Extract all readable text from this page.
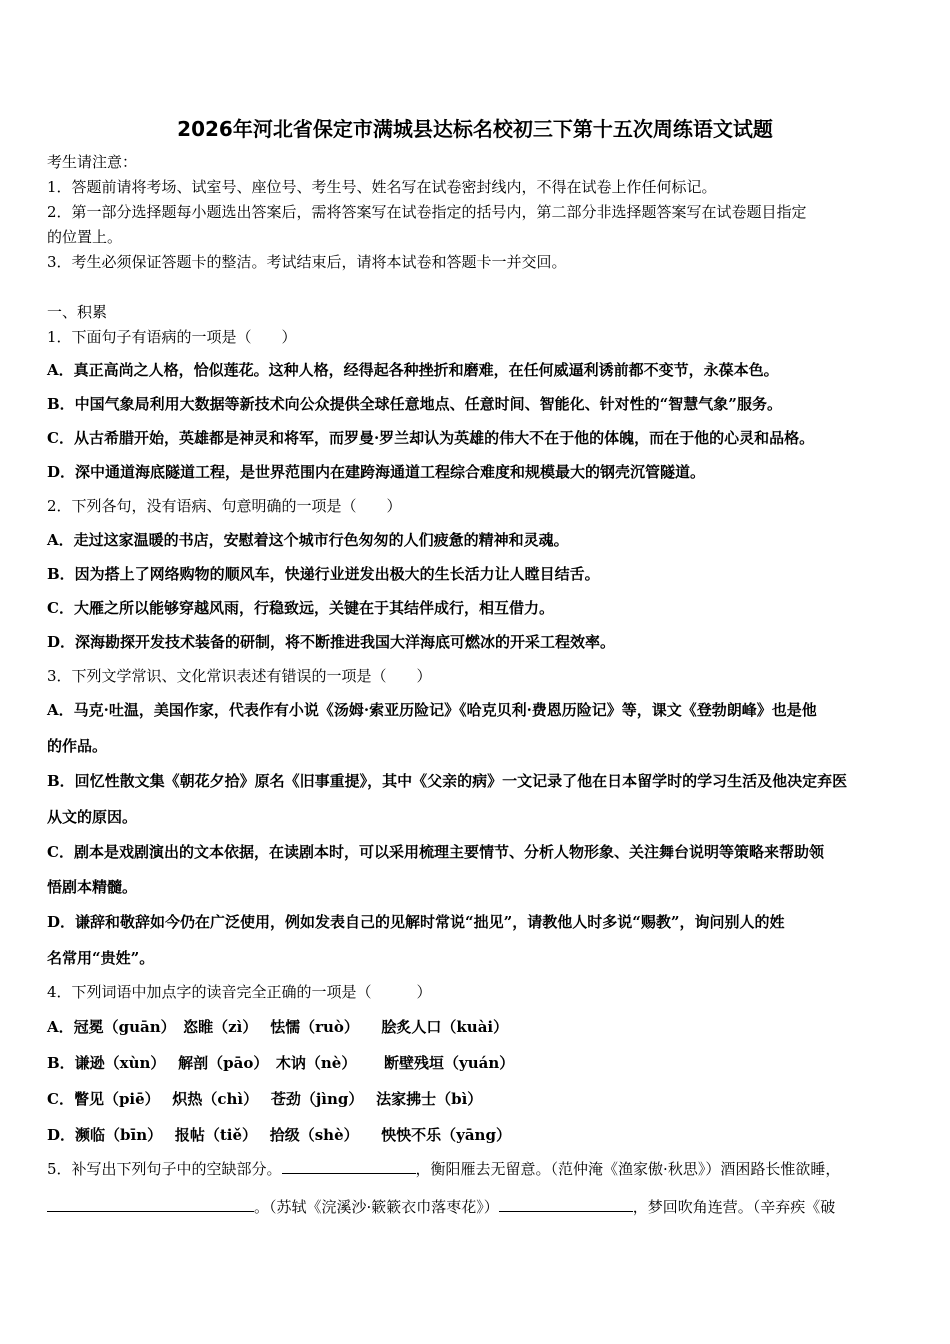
2026年河北省保定市满城县达标名校初三下第十五次周练语文试题
考生请注意：
1．答题前请将考场、试室号、座位号、考生号、姓名写在试卷密封线内，不得在试卷上作任何标记。
2．第一部分选择题每小题选出答案后，需将答案写在试卷指定的括号内，第二部分非选择题答案写在试卷题目指定
的位置上。
3．考生必须保证答题卡的整洁。考试结束后，请将本试卷和答题卡一并交回。
一、积累
1．下面句子有语病的一项是（　　）
A．真正高尚之人格，恰似莲花。这种人格，经得起各种挫折和磨难，在任何威逼利诱前都不变节，永葆本色。
B．中国气象局利用大数据等新技术向公众提供全球任意地点、任意时间、智能化、针对性的“智慧气象”服务。
C．从古希腊开始，英雄都是神灵和将军，而罗曼·罗兰却认为英雄的伟大不在于他的体魄，而在于他的心灵和品格。
D．深中通道海底隧道工程，是世界范围内在建跨海通道工程综合难度和规模最大的钢壳沉管隧道。
2．下列各句，没有语病、句意明确的一项是（　　）
A．走过这家温暖的书店，安慰着这个城市行色匆匆的人们疲惫的精神和灵魂。
B．因为搭上了网络购物的顺风车，快递行业迸发出极大的生长活力让人瞠目结舌。
C．大雁之所以能够穿越风雨，行稳致远，关键在于其结伴成行，相互借力。
D．深海勘探开发技术装备的研制，将不断推进我国大洋海底可燃冰的开采工程效率。
3．下列文学常识、文化常识表述有错误的一项是（　　）
A．马克·吐温，美国作家，代表作有小说《汤姆·索亚历险记》《哈克贝利·费恩历险记》等，课文《登勃朗峰》也是他
的作品。
B．回忆性散文集《朝花夕拾》原名《旧事重提》，其中《父亲的病》一文记录了他在日本留学时的学习生活及他决定弃医
从文的原因。
C．剧本是戏剧演出的文本依据，在读剧本时，可以采用梳理主要情节、分析人物形象、关注舞台说明等策略来帮助领
悟剧本精髓。
D．谦辞和敬辞如今仍在广泛使用，例如发表自己的见解时常说“拙见”，请教他人时多说“赐教”，询问别人的姓
名常用“贵姓”。
4．下列词语中加点字的读音完全正确的一项是（　　　）
A．冠冕（guān）　恣睢（zì）　 怯懦（ruò）　　脍炙人口（kuài）
B．谦逊（xùn）　 解剖（pāo）　木讷（nè）　　 断壁残垣（yuán）
C．瞥见（piē）　 炽热（chì）　 苍劲（jìng）　 法家拂士（bì）
D．濒临（bīn）　 报帖（tiě）　 拾级（shè）　　怏怏不乐（yāng）
5．补写出下列句子中的空缺部分。	，衡阳雁去无留意。（范仲淹《渔家傲·秋思》）酒困路长惟欲睡，
。（苏轼《浣溪沙·簌簌衣巾落枣花》）	，梦回吹角连营。（辛弃疾《破
